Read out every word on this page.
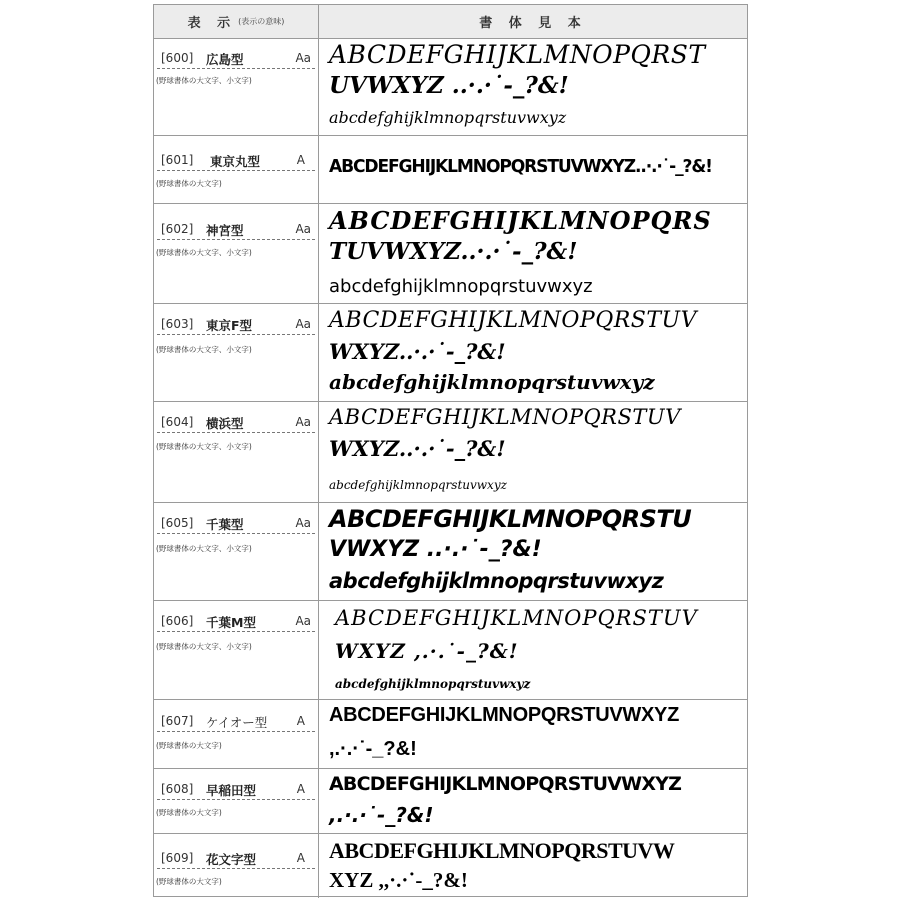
表 示 (表示の意味)	書 体 見 本
[600] 広島型	Aa
(野球書体の大文字、小文字)
ABCDEFGHIJKLMNOPQRST
UVWXYZ ..·.·˙-_?&!
abcdefghijklmnopqrstuvwxyz
[601] 東京丸型	A
(野球書体の大文字)
ABCDEFGHIJKLMNOPQRSTUVWXYZ..·.·˙-_?&!
[602] 神宮型	Aa
(野球書体の大文字、小文字)
ABCDEFGHIJKLMNOPQRS
TUVWXYZ..·.·˙-_?&!
abcdefghijklmnopqrstuvwxyz
[603] 東京F型	Aa
(野球書体の大文字、小文字)
ABCDEFGHIJKLMNOPQRSTUV
WXYZ..·.·˙-_?&!
abcdefghijklmnopqrstuvwxyz
[604] 横浜型	Aa
(野球書体の大文字、小文字)
ABCDEFGHIJKLMNOPQRSTUV
WXYZ..·.·˙-_?&!
abcdefghijklmnopqrstuvwxyz
[605] 千葉型	Aa
(野球書体の大文字、小文字)
ABCDEFGHIJKLMNOPQRSTU
VWXYZ ..·.·˙-_?&!
abcdefghijklmnopqrstuvwxyz
[606] 千葉M型	Aa
(野球書体の大文字、小文字)
ABCDEFGHIJKLMNOPQRSTUV
WXYZ ,.·.˙-_?&!
abcdefghijklmnopqrstuvwxyz
[607] ケイオー型 A
(野球書体の大文字)
ABCDEFGHIJKLMNOPQRSTUVWXYZ
,.·.·˙-_?&!
[608] 早稲田型	A
(野球書体の大文字)
ABCDEFGHIJKLMNOPQRSTUVWXYZ
,.·.·˙-_?&!
[609] 花文字型	A
(野球書体の大文字)
ABCDEFGHIJKLMNOPQRSTUVW
XYZ ,,·.·˙-_?&!
